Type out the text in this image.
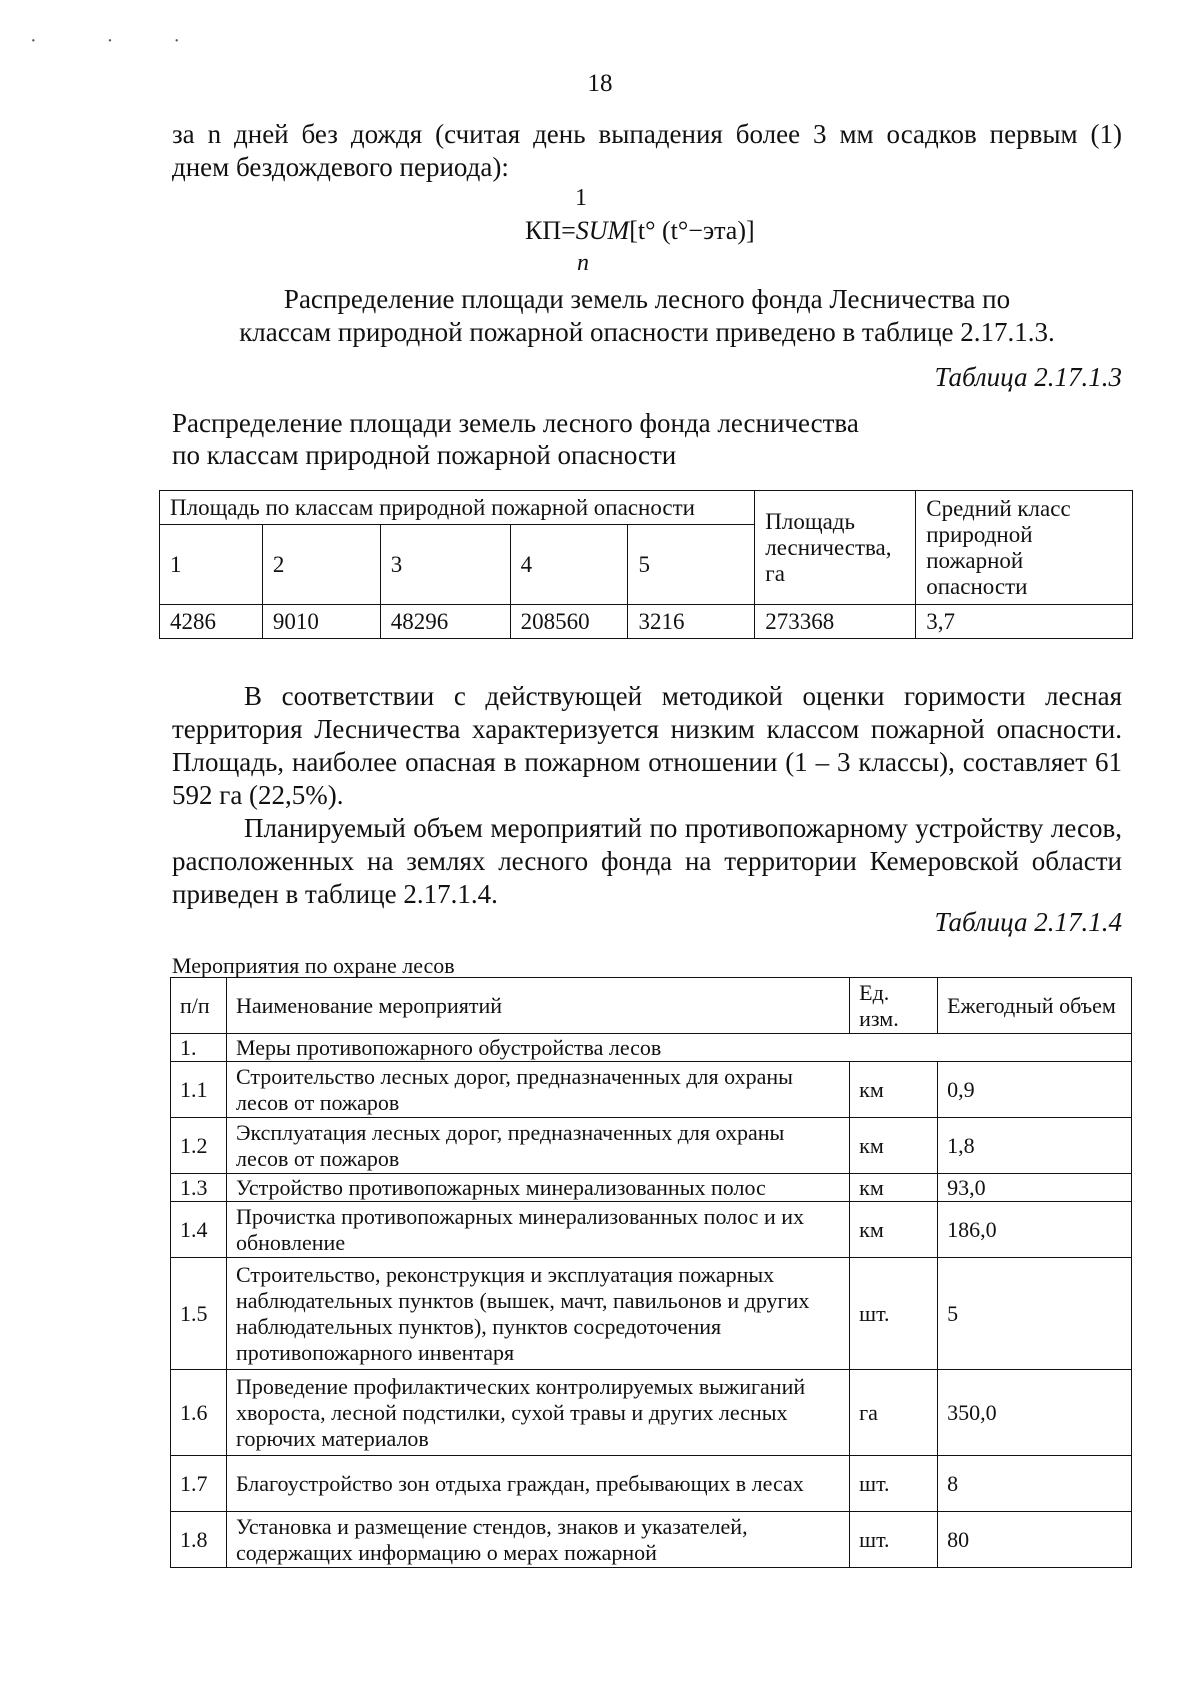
·              ·            ·
18
за n дней без дождя (считая день выпадения более 3 мм осадков первым (1)
днем бездождевого периода):
1
КП=SUM[t° (t°−эта)]
n
Распределение площади земель лесного фонда Лесничества по
классам природной пожарной опасности приведено в таблице 2.17.1.3.
Таблица 2.17.1.3
Распределение площади земель лесного фонда лесничества
по классам природной пожарной опасности
Площадь по классам природной пожарной опасности					Площадь лесничества, га	Средний класс природной пожарной опасности
1	2	3	4	5		
4286	9010	48296	208560	3216	273368	3,7
В соответствии с действующей методикой оценки горимости лесная территория Лесничества характеризуется низким классом пожарной опасности. Площадь, наиболее опасная в пожарном отношении (1 – 3 классы), составляет 61 592 га (22,5%).
Планируемый объем мероприятий по противопожарному устройству лесов, расположенных на землях лесного фонда на территории Кемеровской области приведен в таблице 2.17.1.4.
Таблица 2.17.1.4
Мероприятия по охране лесов
п/п	Наименование мероприятий	Ед. изм.	Ежегодный объем
1.	Меры противопожарного обустройства лесов		
1.1	Строительство лесных дорог, предназначенных для охраны лесов от пожаров	км	0,9
1.2	Эксплуатация лесных дорог, предназначенных для охраны лесов от пожаров	км	1,8
1.3	Устройство противопожарных минерализованных полос	км	93,0
1.4	Прочистка противопожарных минерализованных полос и их обновление	км	186,0
1.5	Строительство, реконструкция и эксплуатация пожарных наблюдательных пунктов (вышек, мачт, павильонов и других наблюдательных пунктов), пунктов сосредоточения противопожарного инвентаря	шт.	5
1.6	Проведение профилактических контролируемых выжиганий хвороста, лесной подстилки, сухой травы и других лесных горючих материалов	га	350,0
1.7	Благоустройство зон отдыха граждан, пребывающих в лесах	шт.	8
1.8	Установка и размещение стендов, знаков и указателей, содержащих информацию о мерах пожарной	шт.	80
